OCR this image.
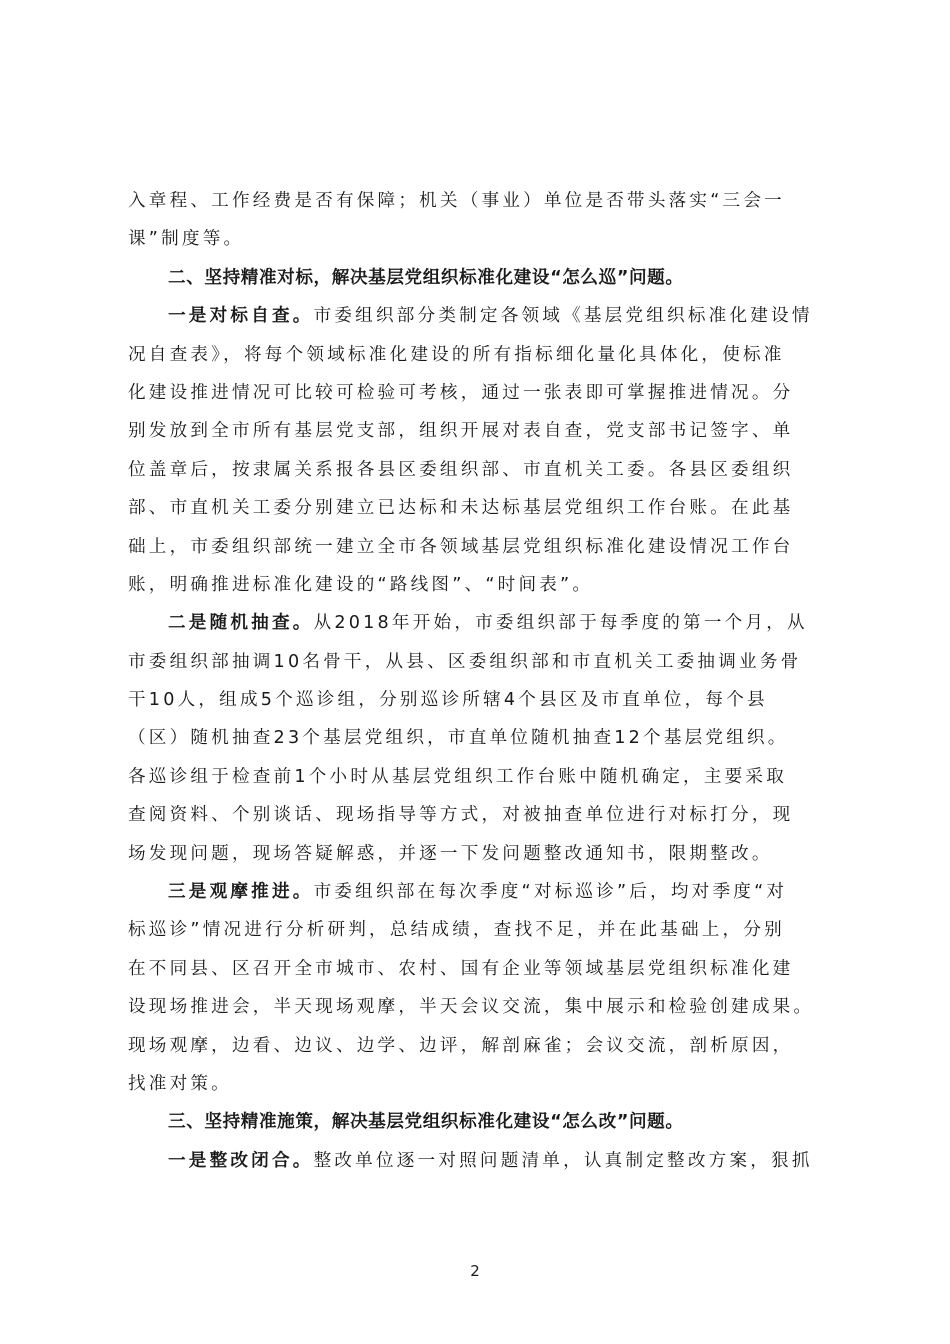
入章程、工作经费是否有保障；机关（事业）单位是否带头落实“三会一
课”制度等。
二、坚持精准对标，解决基层党组织标准化建设“怎么巡”问题。
一是对标自查。市委组织部分类制定各领域《基层党组织标准化建设情
况自查表》，将每个领域标准化建设的所有指标细化量化具体化，使标准
化建设推进情况可比较可检验可考核，通过一张表即可掌握推进情况。分
别发放到全市所有基层党支部，组织开展对表自查，党支部书记签字、单
位盖章后，按隶属关系报各县区委组织部、市直机关工委。各县区委组织
部、市直机关工委分别建立已达标和未达标基层党组织工作台账。在此基
础上，市委组织部统一建立全市各领域基层党组织标准化建设情况工作台
账，明确推进标准化建设的“路线图”、“时间表”。
二是随机抽查。从2018年开始，市委组织部于每季度的第一个月，从
市委组织部抽调10名骨干，从县、区委组织部和市直机关工委抽调业务骨
干10人，组成5个巡诊组，分别巡诊所辖4个县区及市直单位，每个县
（区）随机抽查23个基层党组织，市直单位随机抽查12个基层党组织。
各巡诊组于检查前1个小时从基层党组织工作台账中随机确定，主要采取
查阅资料、个别谈话、现场指导等方式，对被抽查单位进行对标打分，现
场发现问题，现场答疑解惑，并逐一下发问题整改通知书，限期整改。
三是观摩推进。市委组织部在每次季度“对标巡诊”后，均对季度“对
标巡诊”情况进行分析研判，总结成绩，查找不足，并在此基础上，分别
在不同县、区召开全市城市、农村、国有企业等领域基层党组织标准化建
设现场推进会，半天现场观摩，半天会议交流，集中展示和检验创建成果。
现场观摩，边看、边议、边学、边评，解剖麻雀；会议交流，剖析原因，
找准对策。
三、坚持精准施策，解决基层党组织标准化建设“怎么改”问题。
一是整改闭合。整改单位逐一对照问题清单，认真制定整改方案，狠抓
2
